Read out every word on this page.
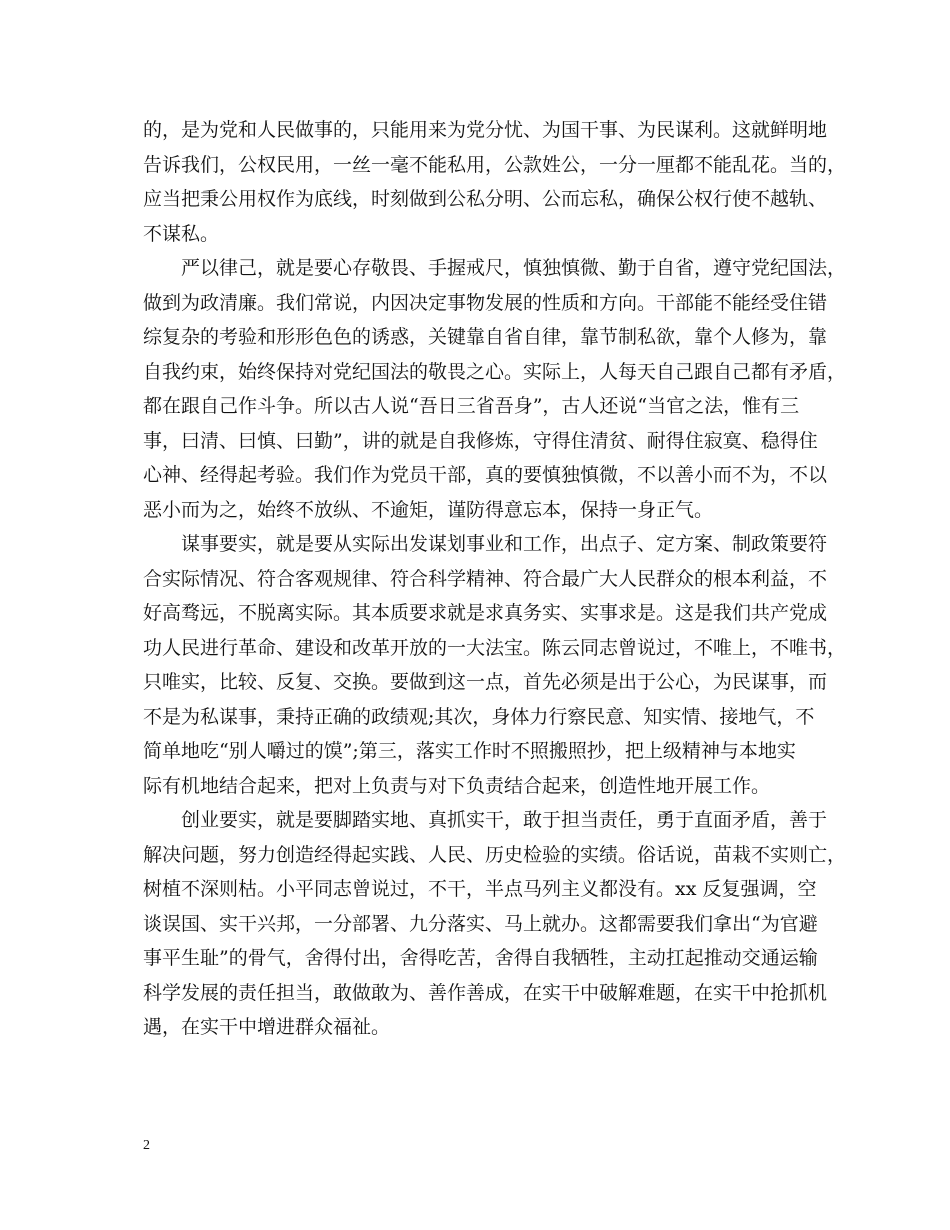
的，是为党和人民做事的，只能用来为党分忧、为国干事、为民谋利。这就鲜明地
告诉我们，公权民用，一丝一毫不能私用，公款姓公，一分一厘都不能乱花。当的，
应当把秉公用权作为底线，时刻做到公私分明、公而忘私，确保公权行使不越轨、
不谋私。

严以律己，就是要心存敬畏、手握戒尺，慎独慎微、勤于自省，遵守党纪国法，
做到为政清廉。我们常说，内因决定事物发展的性质和方向。干部能不能经受住错
综复杂的考验和形形色色的诱惑，关键靠自省自律，靠节制私欲，靠个人修为，靠
自我约束，始终保持对党纪国法的敬畏之心。实际上，人每天自己跟自己都有矛盾，
都在跟自己作斗争。所以古人说“吾日三省吾身”，古人还说“当官之法，惟有三
事，曰清、曰慎、曰勤”，讲的就是自我修炼，守得住清贫、耐得住寂寞、稳得住
心神、经得起考验。我们作为党员干部，真的要慎独慎微，不以善小而不为，不以
恶小而为之，始终不放纵、不逾矩，谨防得意忘本，保持一身正气。

谋事要实，就是要从实际出发谋划事业和工作，出点子、定方案、制政策要符
合实际情况、符合客观规律、符合科学精神、符合最广大人民群众的根本利益，不
好高骛远，不脱离实际。其本质要求就是求真务实、实事求是。这是我们共产党成
功人民进行革命、建设和改革开放的一大法宝。陈云同志曾说过，不唯上，不唯书，
只唯实，比较、反复、交换。要做到这一点，首先必须是出于公心，为民谋事，而
不是为私谋事，秉持正确的政绩观;其次，身体力行察民意、知实情、接地气，不
简单地吃“别人嚼过的馍”;第三，落实工作时不照搬照抄，把上级精神与本地实
际有机地结合起来，把对上负责与对下负责结合起来，创造性地开展工作。

创业要实，就是要脚踏实地、真抓实干，敢于担当责任，勇于直面矛盾，善于
解决问题，努力创造经得起实践、人民、历史检验的实绩。俗话说，苗栽不实则亡，
树植不深则枯。小平同志曾说过，不干，半点马列主义都没有。xx 反复强调，空
谈误国、实干兴邦，一分部署、九分落实、马上就办。这都需要我们拿出“为官避
事平生耻”的骨气，舍得付出，舍得吃苦，舍得自我牺牲，主动扛起推动交通运输
科学发展的责任担当，敢做敢为、善作善成，在实干中破解难题，在实干中抢抓机
遇，在实干中增进群众福祉。

2
